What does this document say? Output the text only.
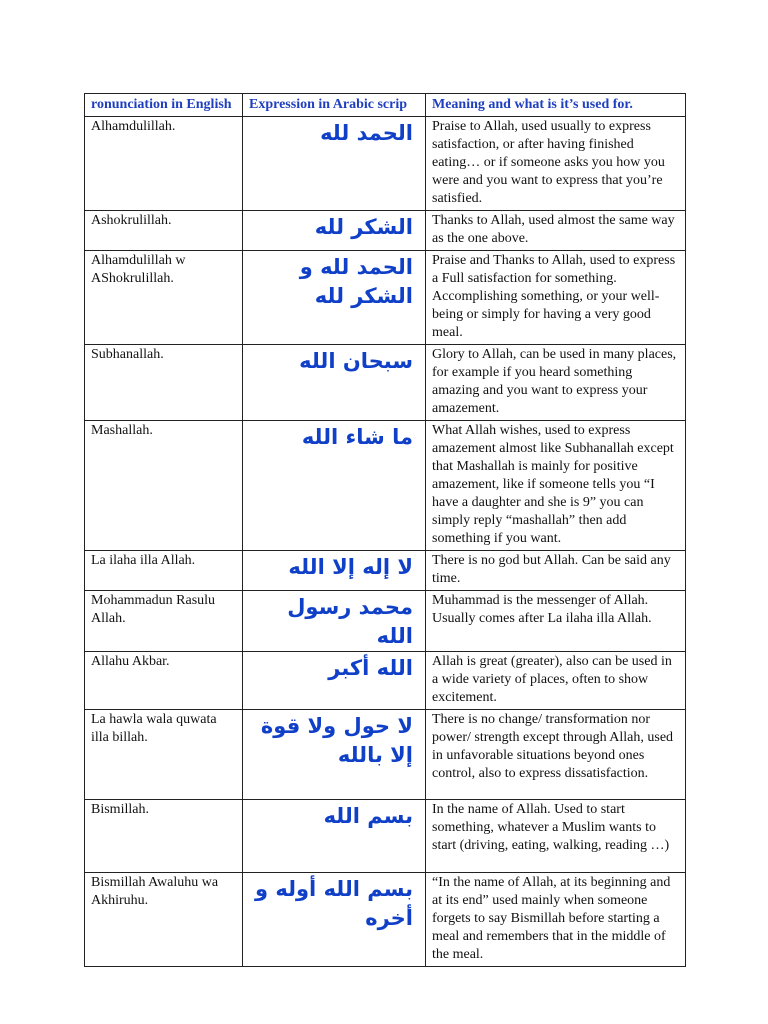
ronunciation in English	Expression in Arabic scrip	Meaning and what is it’s used for.
Alhamdulillah.	الحمد لله	Praise to Allah, used usually to express satisfaction, or after having finished eating… or if someone asks you how you were and you want to express that you’re satisfied.
Ashokrulillah.	الشكر لله	Thanks to Allah, used almost the same way as the one above.
Alhamdulillah w AShokrulillah.	الحمد لله و الشكر لله	Praise and Thanks to Allah, used to express a Full satisfaction for something. Accomplishing something, or your well-being or simply for having a very good meal.
Subhanallah.	سبحان الله	Glory to Allah, can be used in many places, for example if you heard something amazing and you want to express your amazement.
Mashallah.	ما شاء الله	What Allah wishes, used to express amazement almost like Subhanallah except that Mashallah is mainly for positive amazement, like if someone tells you “I have a daughter and she is 9” you can simply reply “mashallah” then add something if you want.
La ilaha illa Allah.	لا إله إلا الله	There is no god but Allah. Can be said any time.
Mohammadun Rasulu Allah.	محمد رسول الله	Muhammad is the messenger of Allah. Usually comes after La ilaha illa Allah.
Allahu Akbar.	الله أكبر	Allah is great (greater), also can be used in a wide variety of places, often to show excitement.
La hawla wala quwata illa billah.	لا حول ولا قوة إلا بالله	There is no change/ transformation nor power/ strength except through Allah, used in unfavorable situations beyond ones control, also to express dissatisfaction.
Bismillah.	بسم الله	In the name of Allah. Used to start something, whatever a Muslim wants to start (driving, eating, walking, reading …)
Bismillah Awaluhu wa Akhiruhu.	بسم الله أوله و أخره	“In the name of Allah, at its beginning and at its end” used mainly when someone forgets to say Bismillah before starting a meal and remembers that in the middle of the meal.
